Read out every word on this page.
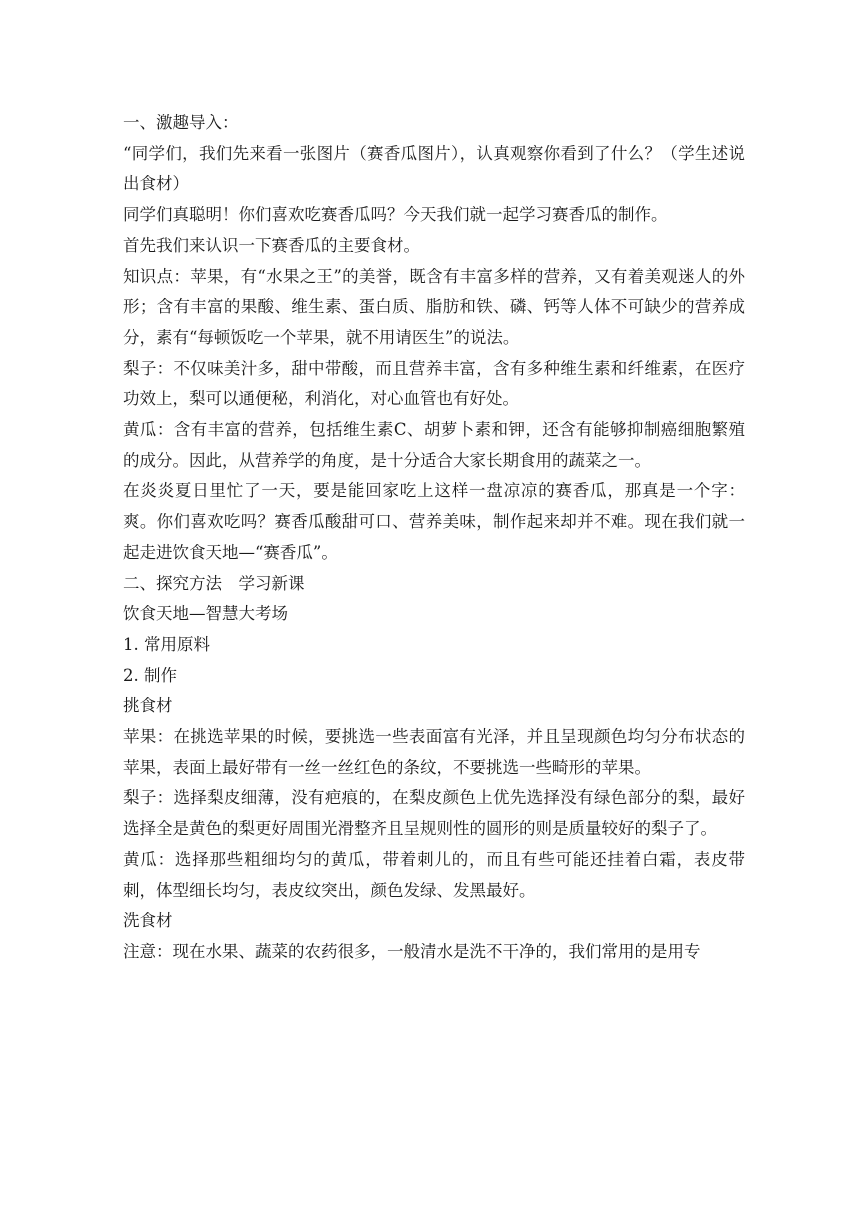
一、激趣导入：

“同学们，我们先来看一张图片（赛香瓜图片），认真观察你看到了什么？（学生述说出食材）

同学们真聪明！你们喜欢吃赛香瓜吗？今天我们就一起学习赛香瓜的制作。

首先我们来认识一下赛香瓜的主要食材。

知识点：苹果，有“水果之王”的美誉，既含有丰富多样的营养，又有着美观迷人的外形；含有丰富的果酸、维生素、蛋白质、脂肪和铁、磷、钙等人体不可缺少的营养成分，素有“每顿饭吃一个苹果，就不用请医生”的说法。

梨子：不仅味美汁多，甜中带酸，而且营养丰富，含有多种维生素和纤维素，在医疗功效上，梨可以通便秘，利消化，对心血管也有好处。

黄瓜：含有丰富的营养，包括维生素C、胡萝卜素和钾，还含有能够抑制癌细胞繁殖的成分。因此，从营养学的角度，是十分适合大家长期食用的蔬菜之一。

在炎炎夏日里忙了一天，要是能回家吃上这样一盘凉凉的赛香瓜，那真是一个字：爽。你们喜欢吃吗？赛香瓜酸甜可口、营养美味，制作起来却并不难。现在我们就一起走进饮食天地—“赛香瓜”。

二、探究方法　学习新课

饮食天地—智慧大考场

1. 常用原料

2. 制作

挑食材

苹果：在挑选苹果的时候，要挑选一些表面富有光泽，并且呈现颜色均匀分布状态的苹果，表面上最好带有一丝一丝红色的条纹，不要挑选一些畸形的苹果。

梨子：选择梨皮细薄，没有疤痕的，在梨皮颜色上优先选择没有绿色部分的梨，最好选择全是黄色的梨更好周围光滑整齐且呈规则性的圆形的则是质量较好的梨子了。

黄瓜：选择那些粗细均匀的黄瓜，带着刺儿的，而且有些可能还挂着白霜，表皮带刺，体型细长均匀，表皮纹突出，颜色发绿、发黑最好。

洗食材

注意：现在水果、蔬菜的农药很多，一般清水是洗不干净的，我们常用的是用专
